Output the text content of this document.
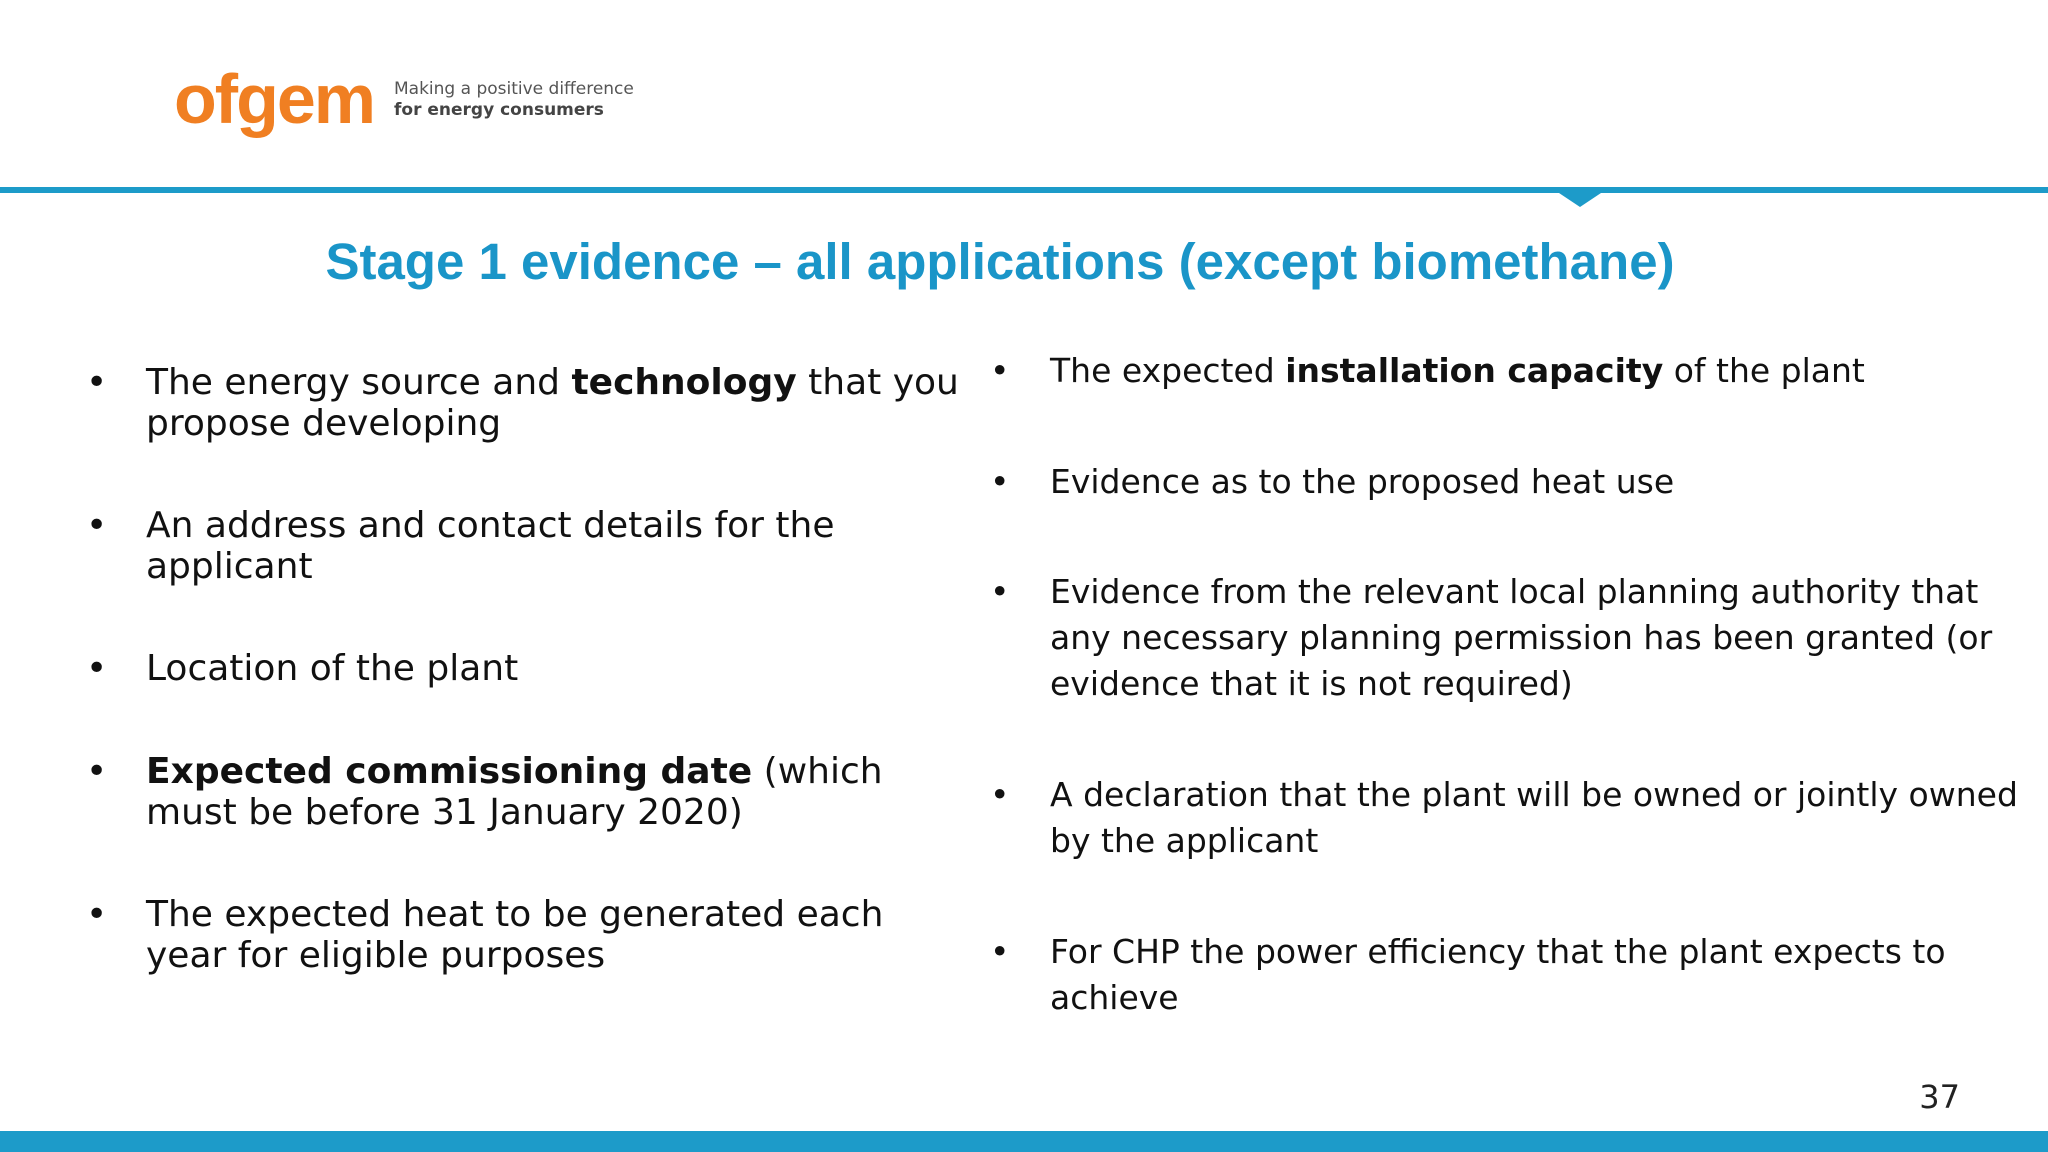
ofgem Making a positive difference
for energy consumers
Stage 1 evidence – all applications (except biomethane)
• The energy source and technology that you propose developing
• An address and contact details for the applicant
• Location of the plant
• Expected commissioning date (which must be before 31 January 2020)
• The expected heat to be generated each year for eligible purposes
• The expected installation capacity of the plant
• Evidence as to the proposed heat use
• Evidence from the relevant local planning authority that any necessary planning permission has been granted (or evidence that it is not required)
• A declaration that the plant will be owned or jointly owned by the applicant
• For CHP the power efficiency that the plant expects to achieve
37
